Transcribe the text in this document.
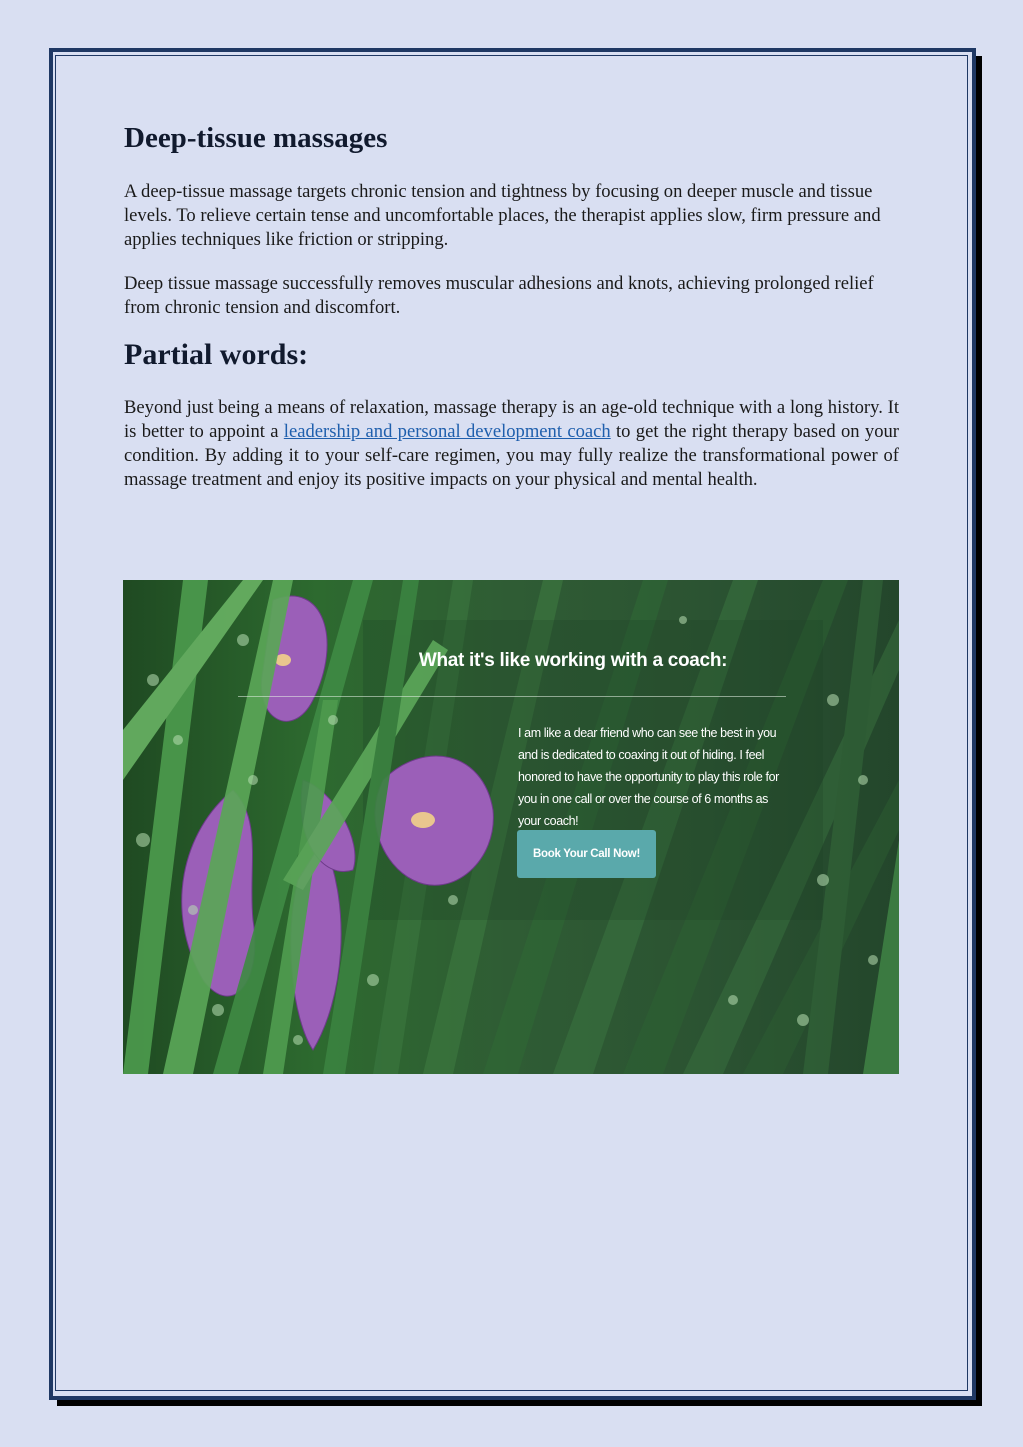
Deep-tissue massages

A deep-tissue massage targets chronic tension and tightness by focusing on deeper muscle and tissue levels. To relieve certain tense and uncomfortable places, the therapist applies slow, firm pressure and applies techniques like friction or stripping.

Deep tissue massage successfully removes muscular adhesions and knots, achieving prolonged relief from chronic tension and discomfort.

Partial words:

Beyond just being a means of relaxation, massage therapy is an age-old technique with a long history. It is better to appoint a leadership and personal development coach to get the right therapy based on your condition. By adding it to your self-care regimen, you may fully realize the transformational power of massage treatment and enjoy its positive impacts on your physical and mental health.

What it's like working with a coach:
I am like a dear friend who can see the best in you and is dedicated to coaxing it out of hiding. I feel honored to have the opportunity to play this role for you in one call or over the course of 6 months as your coach!
Book Your Call Now!
